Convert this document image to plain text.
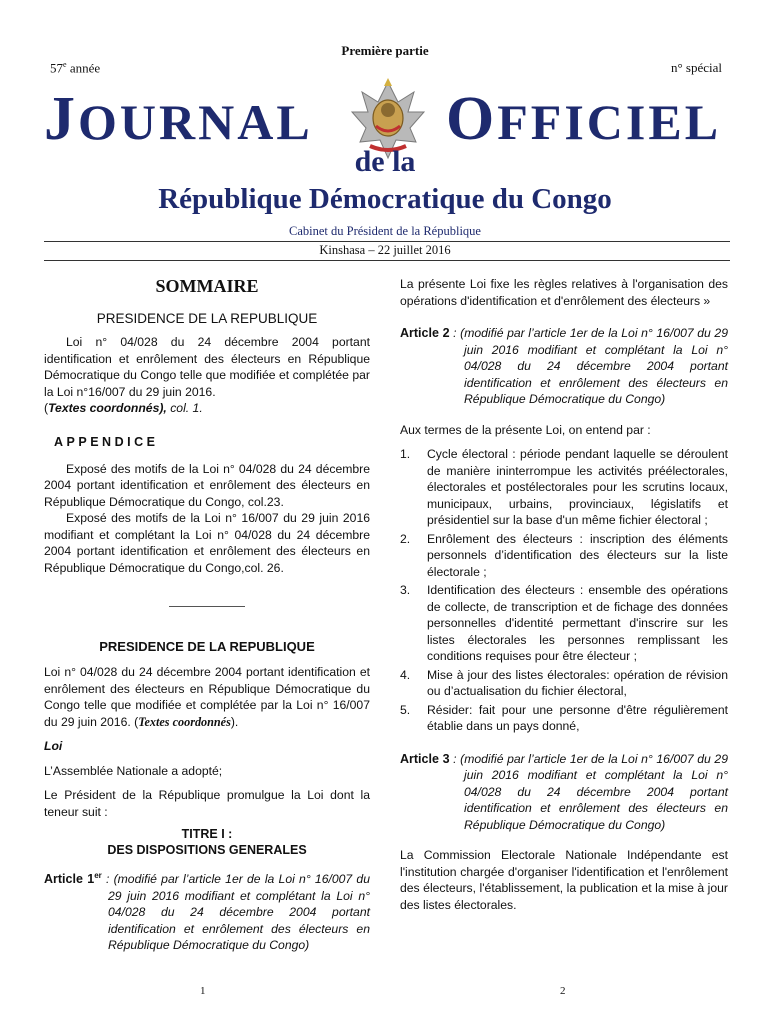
Première partie
57e année	n° spécial
JOURNAL OFFICIEL
de la
République Démocratique du Congo
Cabinet du Président de la République
Kinshasa – 22 juillet 2016
SOMMAIRE
PRESIDENCE DE LA REPUBLIQUE

Loi n° 04/028 du 24 décembre 2004 portant identification et enrôlement des électeurs en République Démocratique du Congo telle que modifiée et complétée par la Loi n°16/007 du 29 juin 2016.
(Textes coordonnés), col. 1.

APPENDICE

Exposé des motifs de la Loi n° 04/028 du 24 décembre 2004 portant identification et enrôlement des électeurs en République Démocratique du Congo, col.23.

Exposé des motifs de la Loi n° 16/007 du 29 juin 2016 modifiant et complétant la Loi n° 04/028 du 24 décembre 2004 portant identification et enrôlement des électeurs en République Démocratique du Congo,col. 26.

PRESIDENCE DE LA REPUBLIQUE

Loi n° 04/028 du 24 décembre 2004 portant identification et enrôlement des électeurs en République Démocratique du Congo telle que modifiée et complétée par la Loi n° 16/007 du 29 juin 2016. (Textes coordonnés).

Loi

L’Assemblée Nationale a adopté;

Le Président de la République promulgue la Loi dont la teneur suit :

TITRE I :
DES DISPOSITIONS GENERALES

Article 1er : (modifié par l’article 1er de la Loi n° 16/007 du 29 juin 2016 modifiant et complétant la Loi n° 04/028 du 24 décembre 2004 portant identification et enrôlement des électeurs en République Démocratique du Congo)

La présente Loi fixe les règles relatives à l'organisation des opérations d'identification et d'enrôlement des électeurs »

Article 2 : (modifié par l’article 1er de la Loi n° 16/007 du 29 juin 2016 modifiant et complétant la Loi n° 04/028 du 24 décembre 2004 portant identification et enrôlement des électeurs en République Démocratique du Congo)

Aux termes de la présente Loi, on entend par :

1.	Cycle électoral : période pendant laquelle se déroulent de manière ininterrompue les activités préélectorales, électorales et postélectorales pour les scrutins locaux, municipaux, urbains, provinciaux, législatifs et présidentiel sur la base d'un même fichier électoral ;
2.	Enrôlement des électeurs : inscription des éléments personnels d’identification des électeurs sur la liste électorale ;
3.	Identification des électeurs : ensemble des opérations de collecte, de transcription et de fichage des données personnelles d'identité permettant d'inscrire sur les listes électorales les personnes remplissant les conditions requises pour être électeur ;
4.	Mise à jour des listes électorales: opération de révision ou d’actualisation du fichier électoral,
5.	Résider: fait pour une personne d'être régulièrement établie dans un pays donné,

Article 3 : (modifié par l’article 1er de la Loi n° 16/007 du 29 juin 2016 modifiant et complétant la Loi n° 04/028 du 24 décembre 2004 portant identification et enrôlement des électeurs en République Démocratique du Congo)

La Commission Electorale Nationale Indépendante est l'institution chargée d'organiser l'identification et l'enrôlement des électeurs, l'établissement, la publication et la mise à jour des listes électorales.

1	2
